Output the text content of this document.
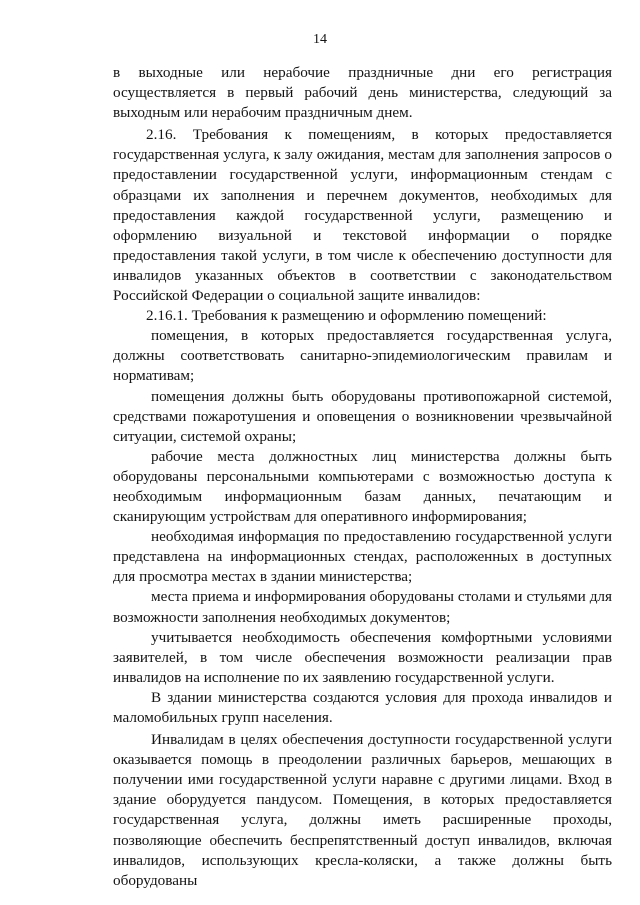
14

в выходные или нерабочие праздничные дни его регистрация осуществляется в первый рабочий день министерства, следующий за выходным или нерабочим праздничным днем.

2.16. Требования к помещениям, в которых предоставляется государственная услуга, к залу ожидания, местам для заполнения запросов о предоставлении государственной услуги, информационным стендам с образцами их заполнения и перечнем документов, необходимых для предоставления каждой государственной услуги, размещению и оформлению визуальной и текстовой информации о порядке предоставления такой услуги, в том числе к обеспечению доступности для инвалидов указанных объектов в соответствии с законодательством Российской Федерации о социальной защите инвалидов:

2.16.1. Требования к размещению и оформлению помещений:

помещения, в которых предоставляется государственная услуга, должны соответствовать санитарно-эпидемиологическим правилам и нормативам;

помещения должны быть оборудованы противопожарной системой, средствами пожаротушения и оповещения о возникновении чрезвычайной ситуации, системой охраны;

рабочие места должностных лиц министерства должны быть оборудованы персональными компьютерами с возможностью доступа к необходимым информационным базам данных, печатающим и сканирующим устройствам для оперативного информирования;

необходимая информация по предоставлению государственной услуги представлена на информационных стендах, расположенных в доступных для просмотра местах в здании министерства;

места приема и информирования оборудованы столами и стульями для возможности заполнения необходимых документов;

учитывается необходимость обеспечения комфортными условиями заявителей, в том числе обеспечения возможности реализации прав инвалидов на исполнение по их заявлению государственной услуги.

В здании министерства создаются условия для прохода инвалидов и маломобильных групп населения.

Инвалидам в целях обеспечения доступности государственной услуги оказывается помощь в преодолении различных барьеров, мешающих в получении ими государственной услуги наравне с другими лицами. Вход в здание оборудуется пандусом. Помещения, в которых предоставляется государственная услуга, должны иметь расширенные проходы, позволяющие обеспечить беспрепятственный доступ инвалидов, включая инвалидов, использующих кресла-коляски, а также должны быть оборудованы
